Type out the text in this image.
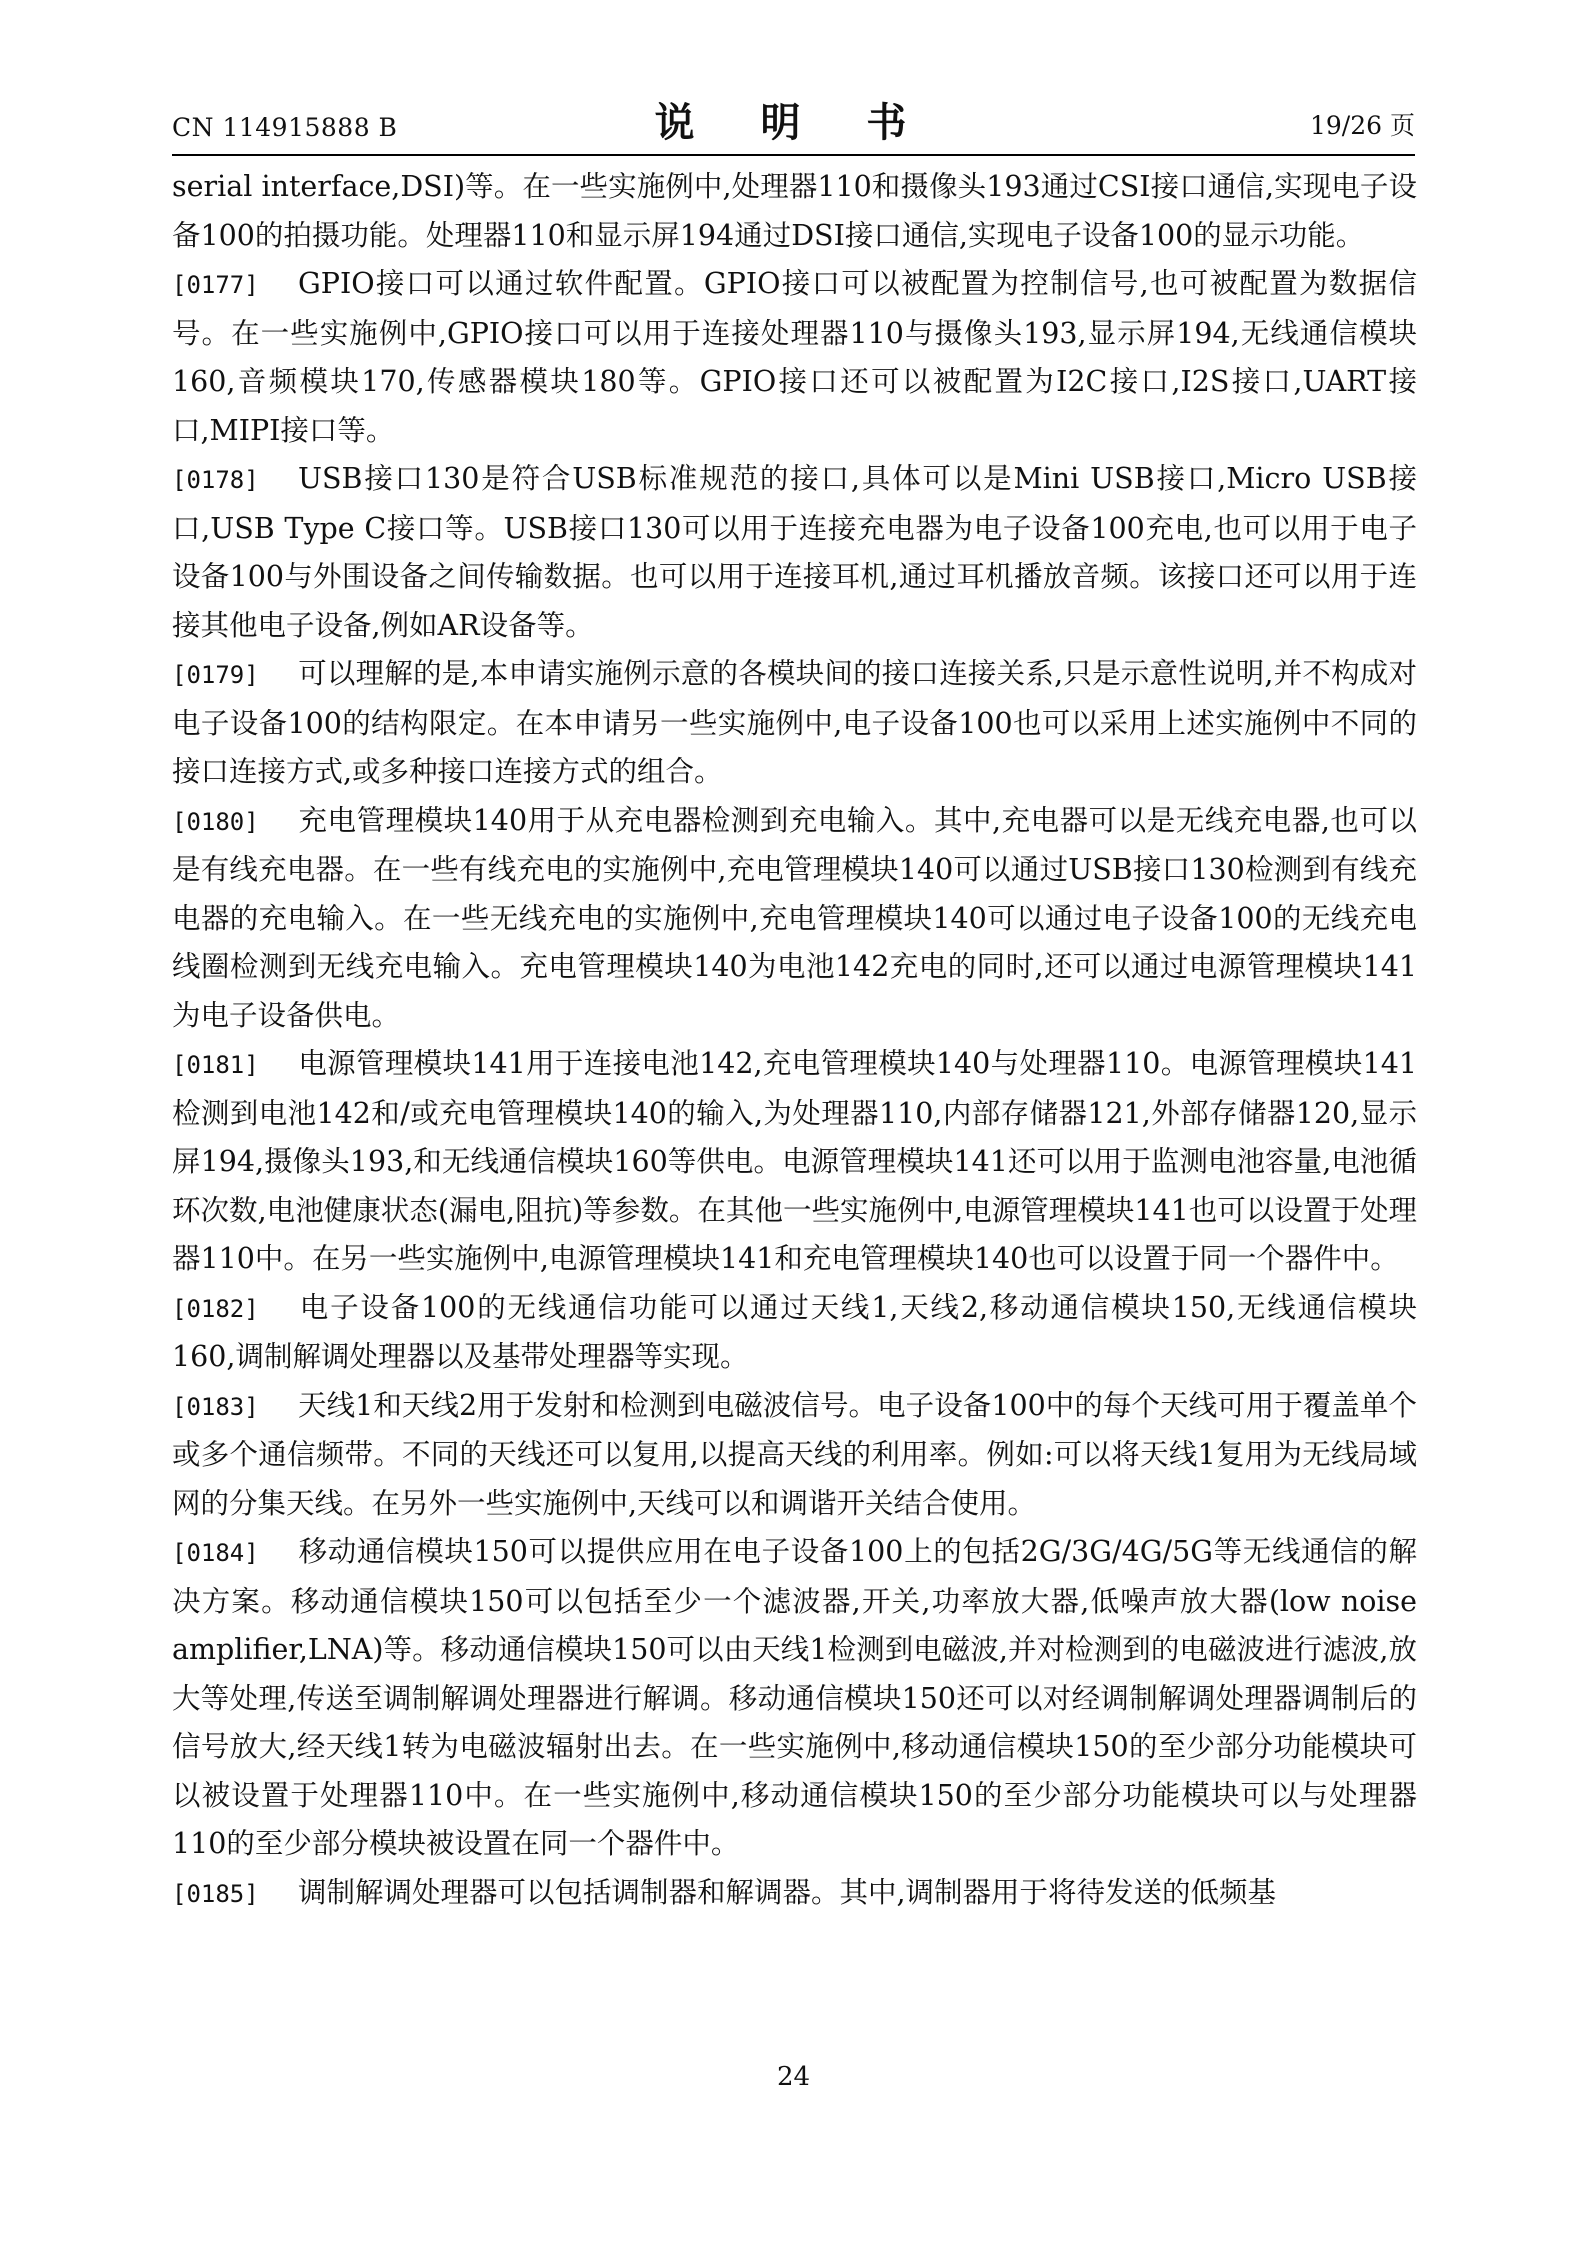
CN 114915888 B	说 明 书	19/26 页

serial interface,DSI)等。在一些实施例中,处理器110和摄像头193通过CSI接口通信,实现电子设备100的拍摄功能。处理器110和显示屏194通过DSI接口通信,实现电子设备100的显示功能。

[0177] GPIO接口可以通过软件配置。GPIO接口可以被配置为控制信号,也可被配置为数据信号。在一些实施例中,GPIO接口可以用于连接处理器110与摄像头193,显示屏194,无线通信模块160,音频模块170,传感器模块180等。GPIO接口还可以被配置为I2C接口,I2S接口,UART接口,MIPI接口等。

[0178] USB接口130是符合USB标准规范的接口,具体可以是Mini USB接口,Micro USB接口,USB Type C接口等。USB接口130可以用于连接充电器为电子设备100充电,也可以用于电子设备100与外围设备之间传输数据。也可以用于连接耳机,通过耳机播放音频。该接口还可以用于连接其他电子设备,例如AR设备等。

[0179] 可以理解的是,本申请实施例示意的各模块间的接口连接关系,只是示意性说明,并不构成对电子设备100的结构限定。在本申请另一些实施例中,电子设备100也可以采用上述实施例中不同的接口连接方式,或多种接口连接方式的组合。

[0180] 充电管理模块140用于从充电器检测到充电输入。其中,充电器可以是无线充电器,也可以是有线充电器。在一些有线充电的实施例中,充电管理模块140可以通过USB接口130检测到有线充电器的充电输入。在一些无线充电的实施例中,充电管理模块140可以通过电子设备100的无线充电线圈检测到无线充电输入。充电管理模块140为电池142充电的同时,还可以通过电源管理模块141为电子设备供电。

[0181] 电源管理模块141用于连接电池142,充电管理模块140与处理器110。电源管理模块141检测到电池142和/或充电管理模块140的输入,为处理器110,内部存储器121,外部存储器120,显示屏194,摄像头193,和无线通信模块160等供电。电源管理模块141还可以用于监测电池容量,电池循环次数,电池健康状态(漏电,阻抗)等参数。在其他一些实施例中,电源管理模块141也可以设置于处理器110中。在另一些实施例中,电源管理模块141和充电管理模块140也可以设置于同一个器件中。

[0182] 电子设备100的无线通信功能可以通过天线1,天线2,移动通信模块150,无线通信模块160,调制解调处理器以及基带处理器等实现。

[0183] 天线1和天线2用于发射和检测到电磁波信号。电子设备100中的每个天线可用于覆盖单个或多个通信频带。不同的天线还可以复用,以提高天线的利用率。例如:可以将天线1复用为无线局域网的分集天线。在另外一些实施例中,天线可以和调谐开关结合使用。

[0184] 移动通信模块150可以提供应用在电子设备100上的包括2G/3G/4G/5G等无线通信的解决方案。移动通信模块150可以包括至少一个滤波器,开关,功率放大器,低噪声放大器(low noise amplifier,LNA)等。移动通信模块150可以由天线1检测到电磁波,并对检测到的电磁波进行滤波,放大等处理,传送至调制解调处理器进行解调。移动通信模块150还可以对经调制解调处理器调制后的信号放大,经天线1转为电磁波辐射出去。在一些实施例中,移动通信模块150的至少部分功能模块可以被设置于处理器110中。在一些实施例中,移动通信模块150的至少部分功能模块可以与处理器110的至少部分模块被设置在同一个器件中。

[0185] 调制解调处理器可以包括调制器和解调器。其中,调制器用于将待发送的低频基

24
